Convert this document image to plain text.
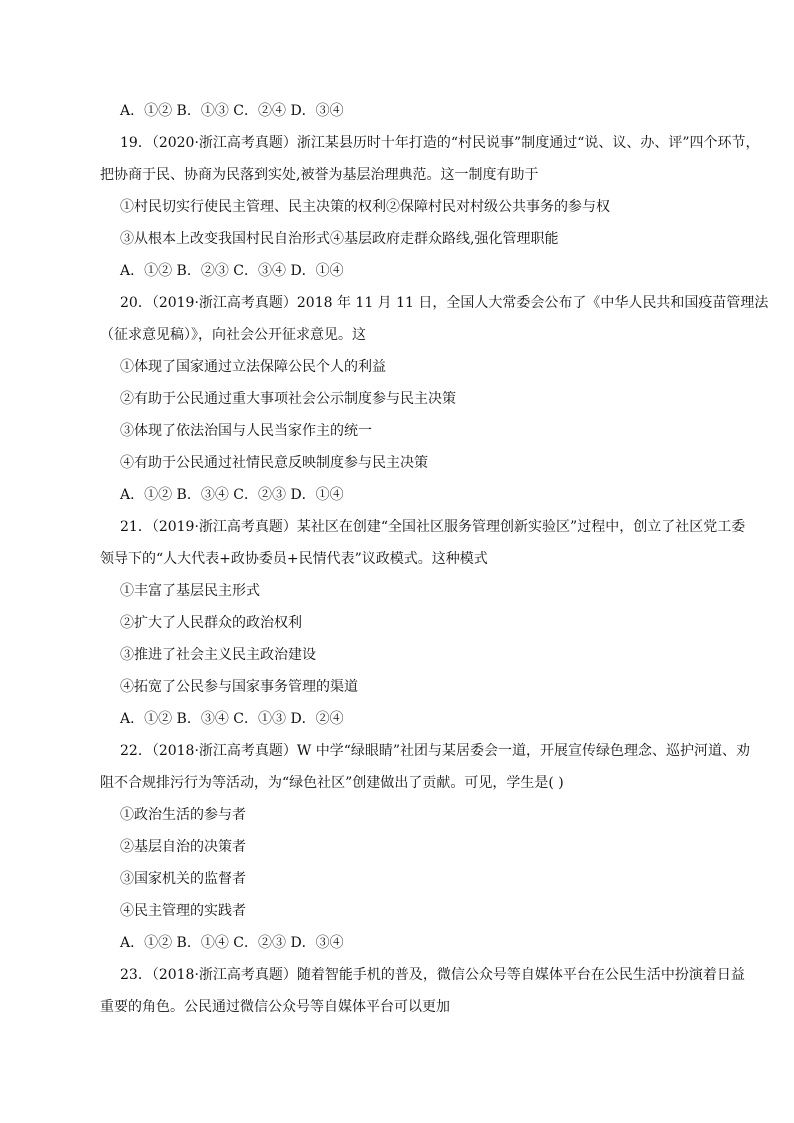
A．①② B．①③ C．②④ D．③④
19．（2020·浙江高考真题）浙江某县历时十年打造的“村民说事”制度通过“说、议、办、评”四个环节，
把协商于民、协商为民落到实处,被誉为基层治理典范。这一制度有助于
①村民切实行使民主管理、民主决策的权利②保障村民对村级公共事务的参与权
③从根本上改变我国村民自治形式④基层政府走群众路线,强化管理职能
A．①② B．②③ C．③④ D．①④
20．（2019·浙江高考真题）2018 年 11 月 11 日，全国人大常委会公布了《中华人民共和国疫苗管理法
（征求意见稿）》，向社会公开征求意见。这
①体现了国家通过立法保障公民个人的利益
②有助于公民通过重大事项社会公示制度参与民主决策
③体现了依法治国与人民当家作主的统一
④有助于公民通过社情民意反映制度参与民主决策
A．①② B．③④ C．②③ D．①④
21．（2019·浙江高考真题）某社区在创建“全国社区服务管理创新实验区”过程中，创立了社区党工委
领导下的“人大代表+政协委员+民情代表”议政模式。这种模式
①丰富了基层民主形式
②扩大了人民群众的政治权利
③推进了社会主义民主政治建设
④拓宽了公民参与国家事务管理的渠道
A．①② B．③④ C．①③ D．②④
22．（2018·浙江高考真题）W 中学“绿眼睛”社团与某居委会一道，开展宣传绿色理念、巡护河道、劝
阻不合规排污行为等活动，为“绿色社区”创建做出了贡献。可见，学生是( )
①政治生活的参与者
②基层自治的决策者
③国家机关的监督者
④民主管理的实践者
A．①② B．①④ C．②③ D．③④
23．（2018·浙江高考真题）随着智能手机的普及，微信公众号等自媒体平台在公民生活中扮演着日益
重要的角色。公民通过微信公众号等自媒体平台可以更加
